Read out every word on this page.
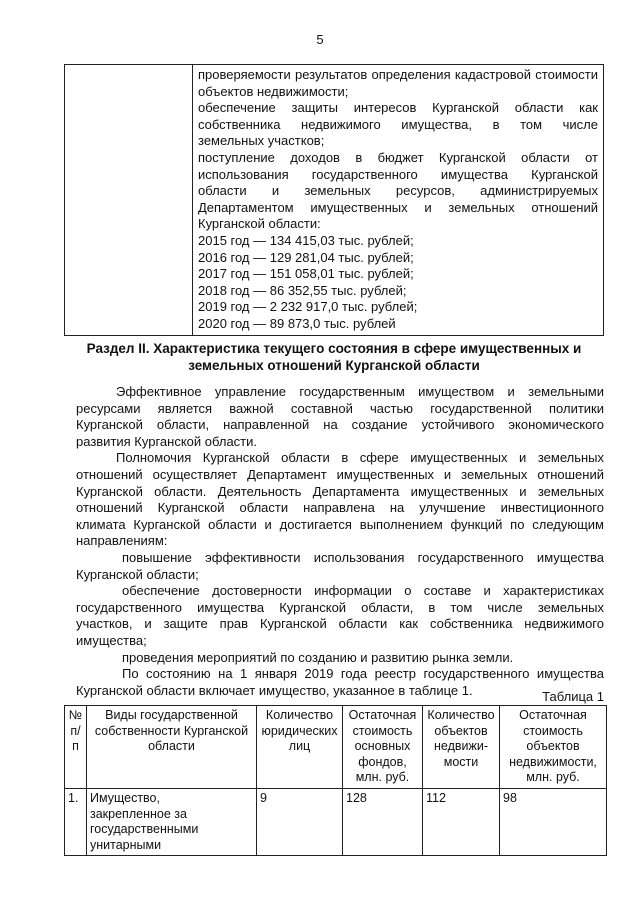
5

проверяемости результатов определения кадастровой стоимости
объектов недвижимости;
обеспечение защиты интересов Курганской области как
собственника недвижимого имущества, в том числе
земельных участков;
поступление доходов в бюджет Курганской области от
использования государственного имущества Курганской
области и земельных ресурсов, администрируемых
Департаментом имущественных и земельных отношений
Курганской области:
2015 год — 134 415,03 тыс. рублей;
2016 год — 129 281,04 тыс. рублей;
2017 год — 151 058,01 тыс. рублей;
2018 год — 86 352,55 тыс. рублей;
2019 год — 2 232 917,0 тыс. рублей;
2020 год — 89 873,0 тыс. рублей
Раздел II. Характеристика текущего состояния в сфере имущественных и
земельных отношений Курганской области
Эффективное управление государственным имуществом и земельными
ресурсами является важной составной частью государственной политики
Курганской области, направленной на создание устойчивого экономического
развития Курганской области.
Полномочия Курганской области в сфере имущественных и земельных
отношений осуществляет Департамент имущественных и земельных отношений
Курганской области. Деятельность Департамента имущественных и земельных
отношений Курганской области направлена на улучшение инвестиционного
климата Курганской области и достигается выполнением функций по следующим
направлениям:
повышение эффективности использования государственного имущества
Курганской области;
обеспечение достоверности информации о составе и характеристиках
государственного имущества Курганской области, в том числе земельных
участков, и защите прав Курганской области как собственника недвижимого
имущества;
проведения мероприятий по созданию и развитию рынка земли.
По состоянию на 1 января 2019 года реестр государственного имущества
Курганской области включает имущество, указанное в таблице 1.	Таблица 1
№
п/п	Виды государственной
собственности Курганской
области	Количество
юридических
лиц	Остаточная
стоимость
основных
фондов,
млн. руб.	Количество
объектов
недвижи-
мости	Остаточная
стоимость
объектов
недвижимости,
млн. руб.
1.	Имущество,
закрепленное за
государственными
унитарными	9	128	112	98
